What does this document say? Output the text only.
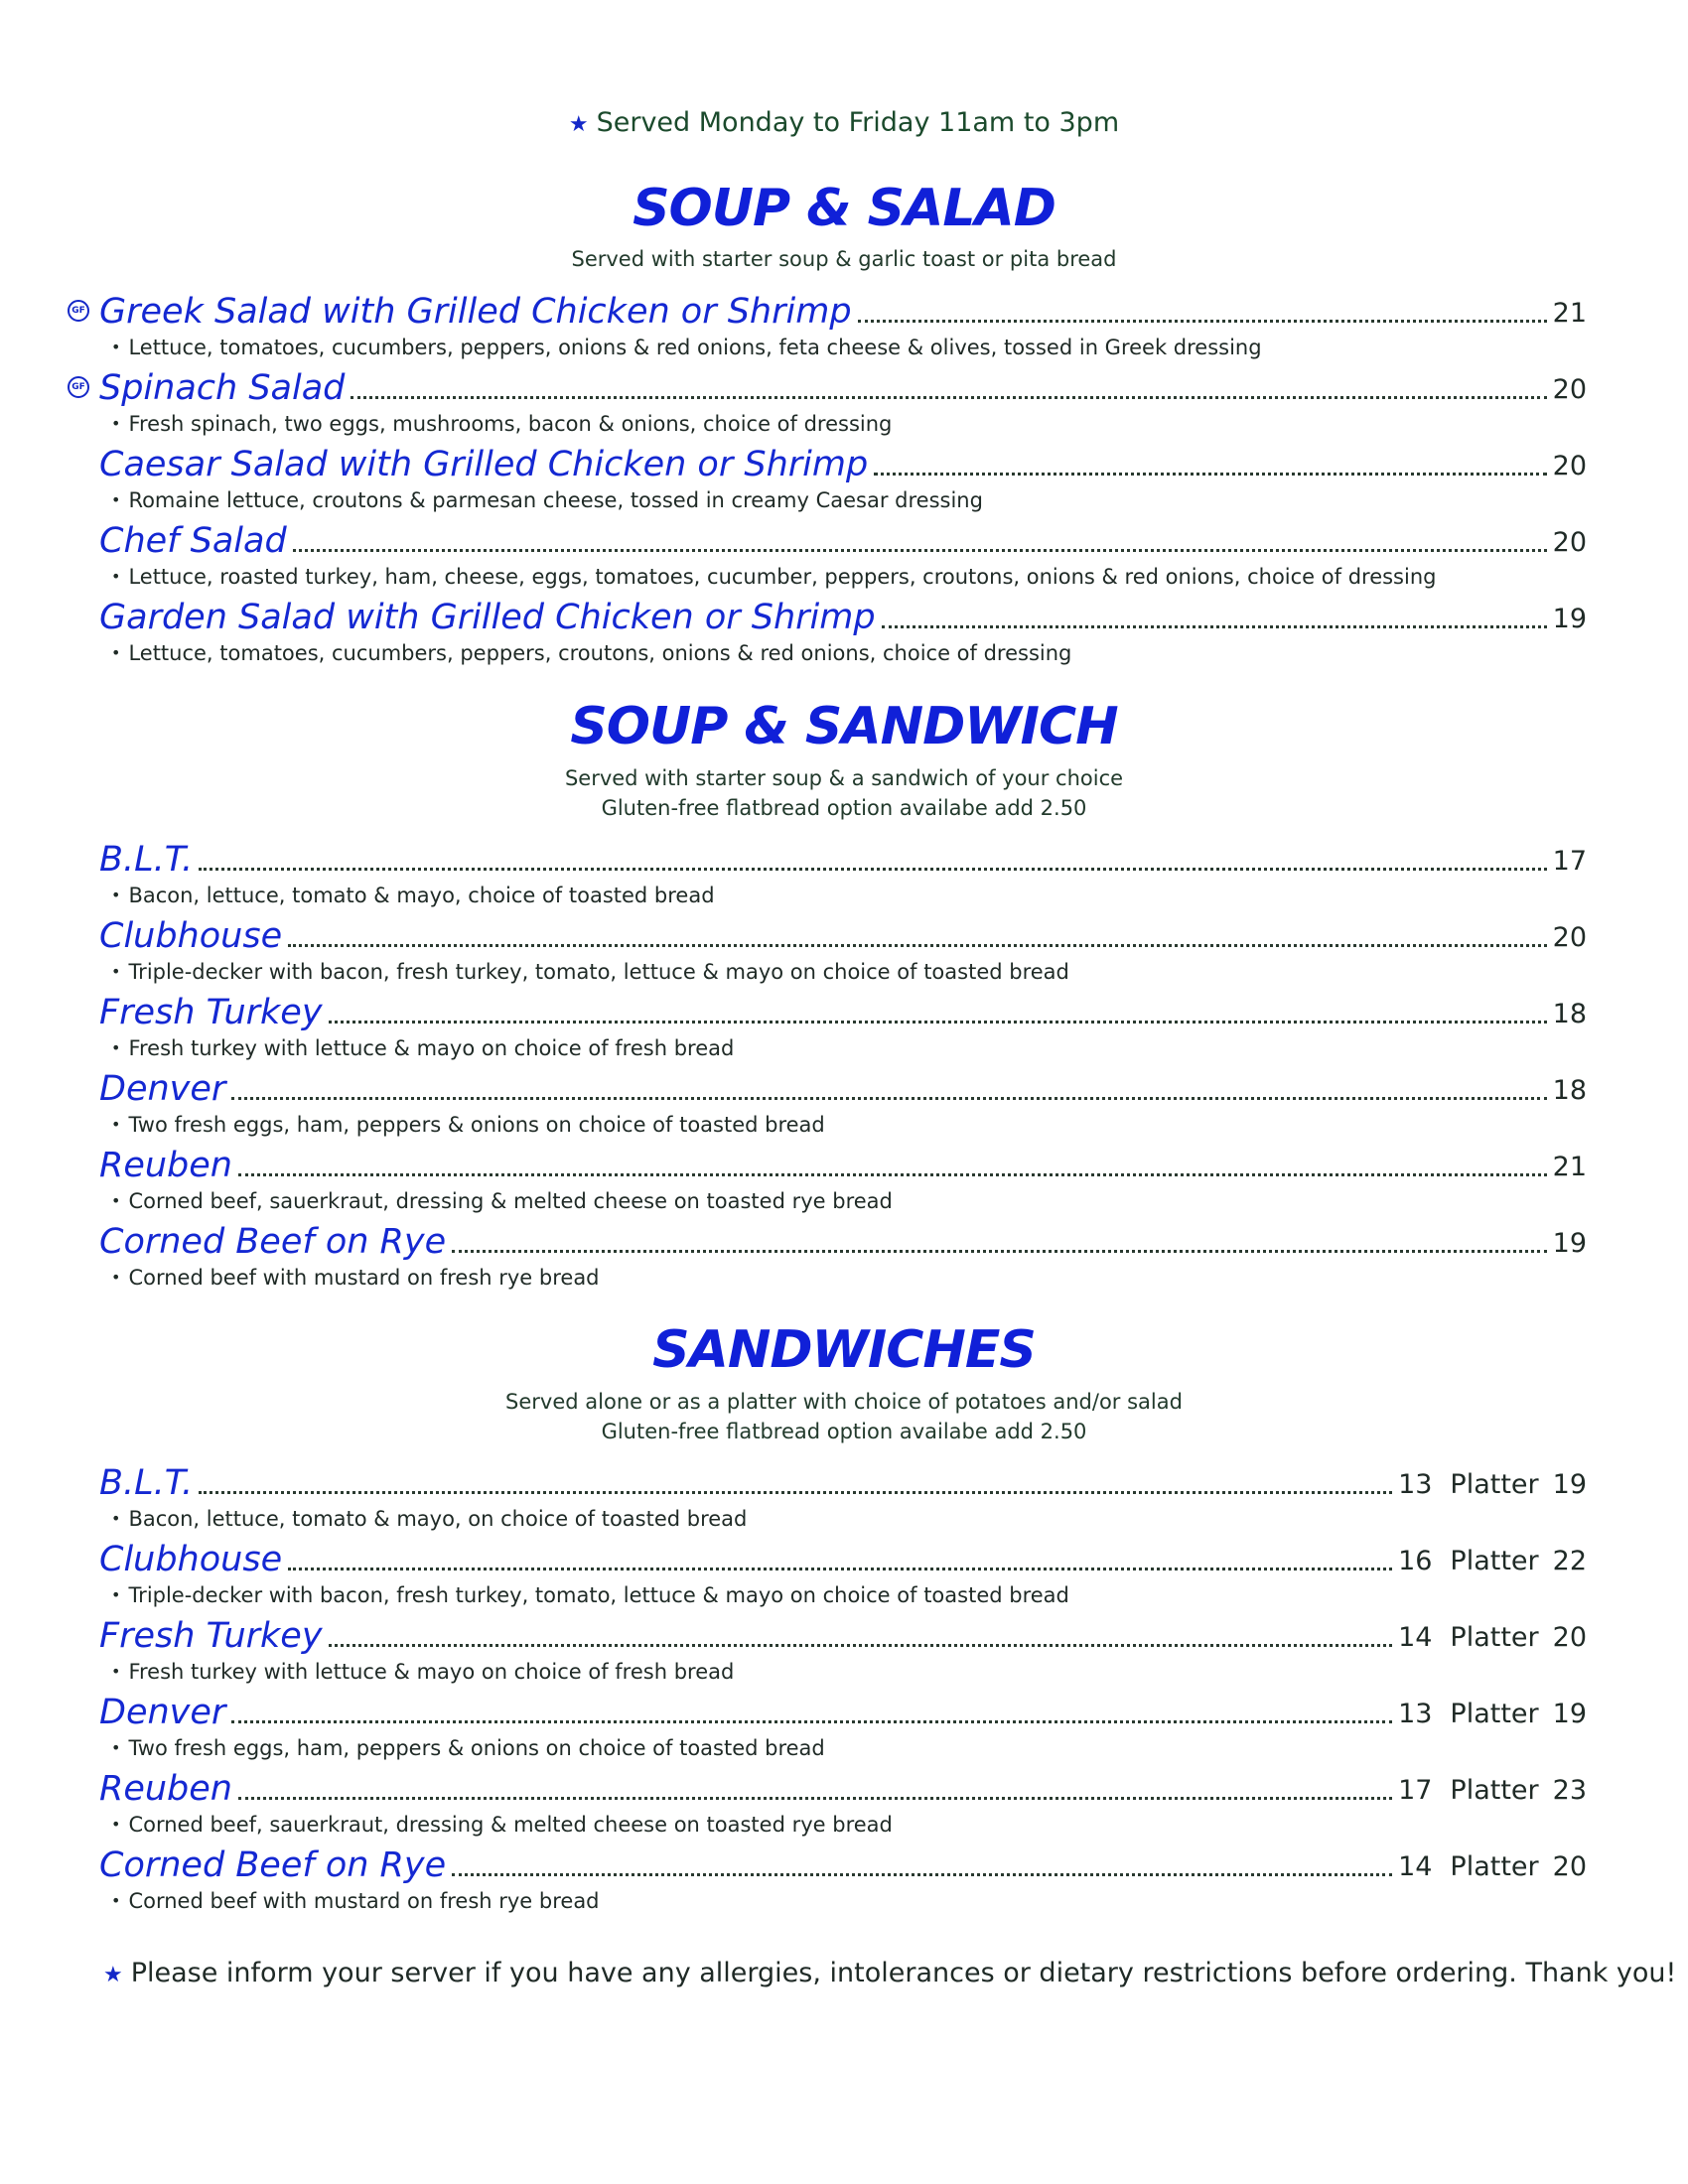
★ Served Monday to Friday 11am to 3pm
SOUP & SALAD
Served with starter soup & garlic toast or pita bread
GF Greek Salad with Grilled Chicken or Shrimp	21
• Lettuce, tomatoes, cucumbers, peppers, onions & red onions, feta cheese & olives, tossed in Greek dressing
GF Spinach Salad	20
• Fresh spinach, two eggs, mushrooms, bacon & onions, choice of dressing
Caesar Salad with Grilled Chicken or Shrimp	20
• Romaine lettuce, croutons & parmesan cheese, tossed in creamy Caesar dressing
Chef Salad	20
• Lettuce, roasted turkey, ham, cheese, eggs, tomatoes, cucumber, peppers, croutons, onions & red onions, choice of dressing
Garden Salad with Grilled Chicken or Shrimp	19
• Lettuce, tomatoes, cucumbers, peppers, croutons, onions & red onions, choice of dressing
SOUP & SANDWICH
Served with starter soup & a sandwich of your choice
Gluten-free flatbread option availabe add 2.50
B.L.T.	17
• Bacon, lettuce, tomato & mayo, choice of toasted bread
Clubhouse	20
• Triple-decker with bacon, fresh turkey, tomato, lettuce & mayo on choice of toasted bread
Fresh Turkey	18
• Fresh turkey with lettuce & mayo on choice of fresh bread
Denver	18
• Two fresh eggs, ham, peppers & onions on choice of toasted bread
Reuben	21
• Corned beef, sauerkraut, dressing & melted cheese on toasted rye bread
Corned Beef on Rye	19
• Corned beef with mustard on fresh rye bread
SANDWICHES
Served alone or as a platter with choice of potatoes and/or salad
Gluten-free flatbread option availabe add 2.50
B.L.T.	13 Platter 19
• Bacon, lettuce, tomato & mayo, on choice of toasted bread
Clubhouse	16 Platter 22
• Triple-decker with bacon, fresh turkey, tomato, lettuce & mayo on choice of toasted bread
Fresh Turkey	14 Platter 20
• Fresh turkey with lettuce & mayo on choice of fresh bread
Denver	13 Platter 19
• Two fresh eggs, ham, peppers & onions on choice of toasted bread
Reuben	17 Platter 23
• Corned beef, sauerkraut, dressing & melted cheese on toasted rye bread
Corned Beef on Rye	14 Platter 20
• Corned beef with mustard on fresh rye bread
★ Please inform your server if you have any allergies, intolerances or dietary restrictions before ordering. Thank you!
